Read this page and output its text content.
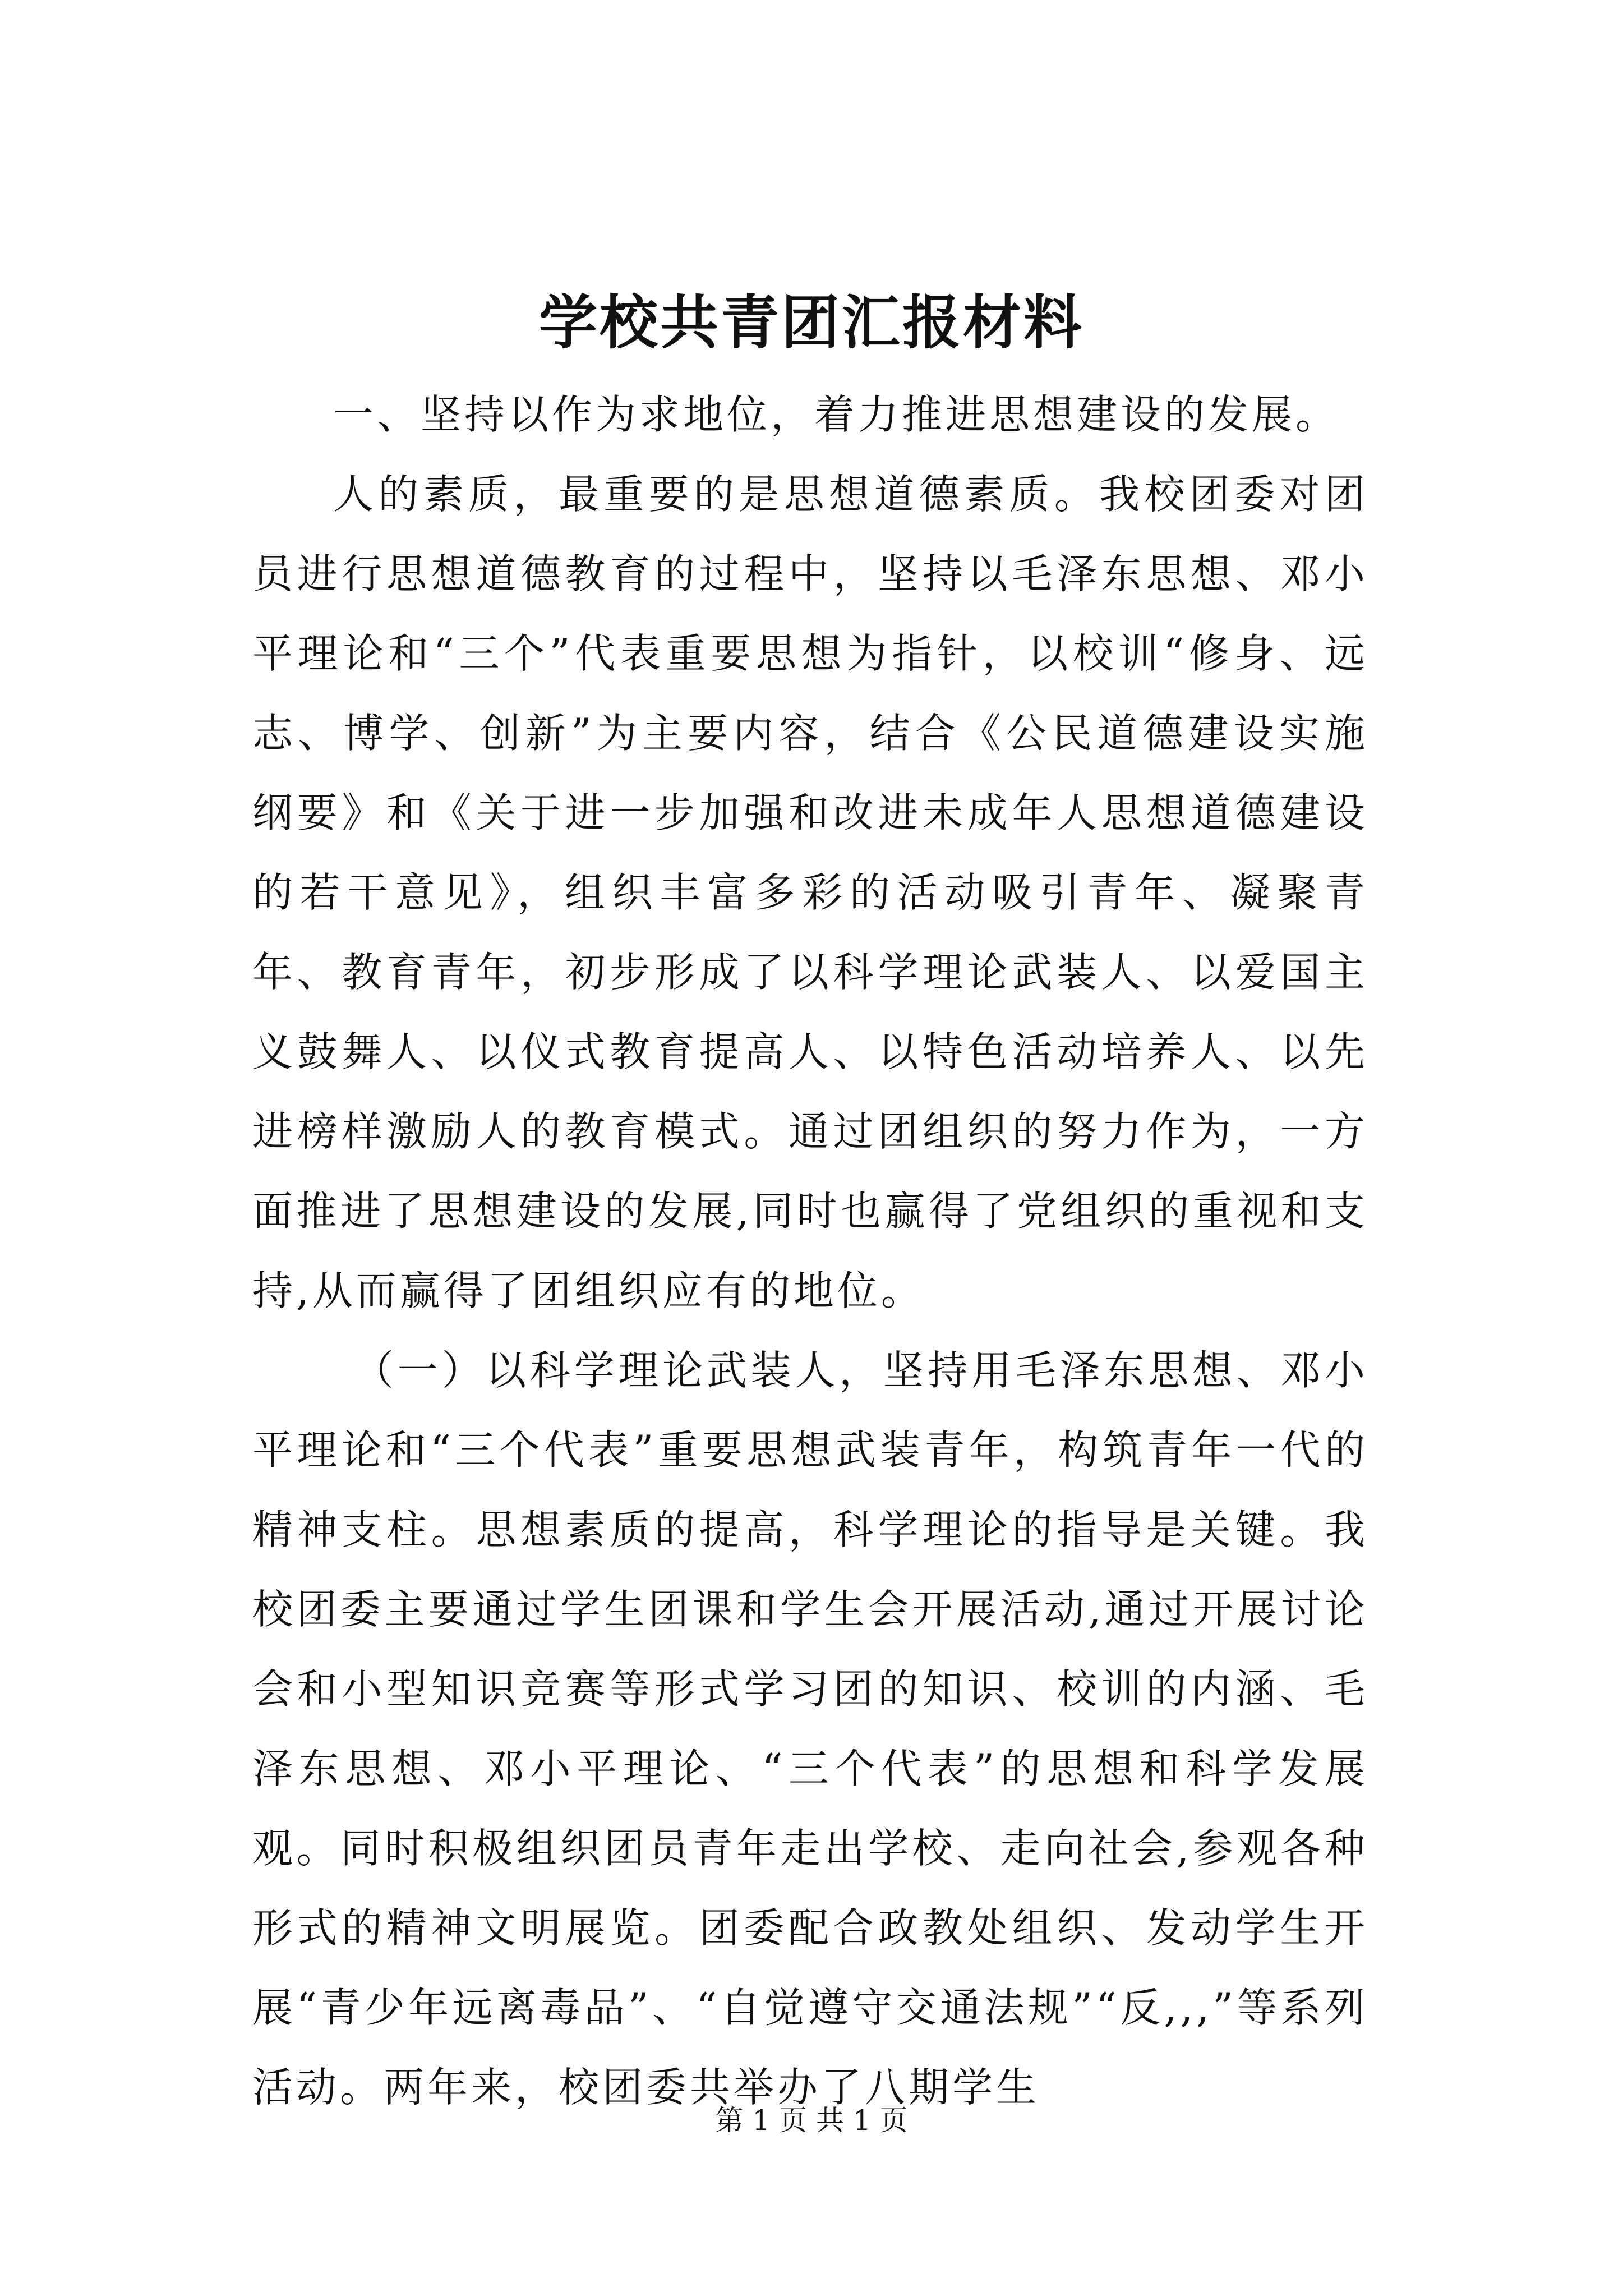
学校共青团汇报材料

一、坚持以作为求地位，着力推进思想建设的发展。

人的素质，最重要的是思想道德素质。我校团委对团员进行思想道德教育的过程中，坚持以毛泽东思想、邓小平理论和“三个”代表重要思想为指针，以校训“修身、远志、博学、创新”为主要内容，结合《公民道德建设实施纲要》和《关于进一步加强和改进未成年人思想道德建设的若干意见》，组织丰富多彩的活动吸引青年、凝聚青年、教育青年，初步形成了以科学理论武装人、以爱国主义鼓舞人、以仪式教育提高人、以特色活动培养人、以先进榜样激励人的教育模式。通过团组织的努力作为，一方面推进了思想建设的发展,同时也赢得了党组织的重视和支持,从而赢得了团组织应有的地位。

（一）以科学理论武装人，坚持用毛泽东思想、邓小平理论和“三个代表”重要思想武装青年，构筑青年一代的精神支柱。思想素质的提高，科学理论的指导是关键。我校团委主要通过学生团课和学生会开展活动,通过开展讨论会和小型知识竞赛等形式学习团的知识、校训的内涵、毛泽东思想、邓小平理论、“三个代表”的思想和科学发展观。同时积极组织团员青年走出学校、走向社会,参观各种形式的精神文明展览。团委配合政教处组织、发动学生开展“青少年远离毒品”、“自觉遵守交通法规”“反,,,”等系列活动。两年来，校团委共举办了八期学生

第 1 页 共 1 页
